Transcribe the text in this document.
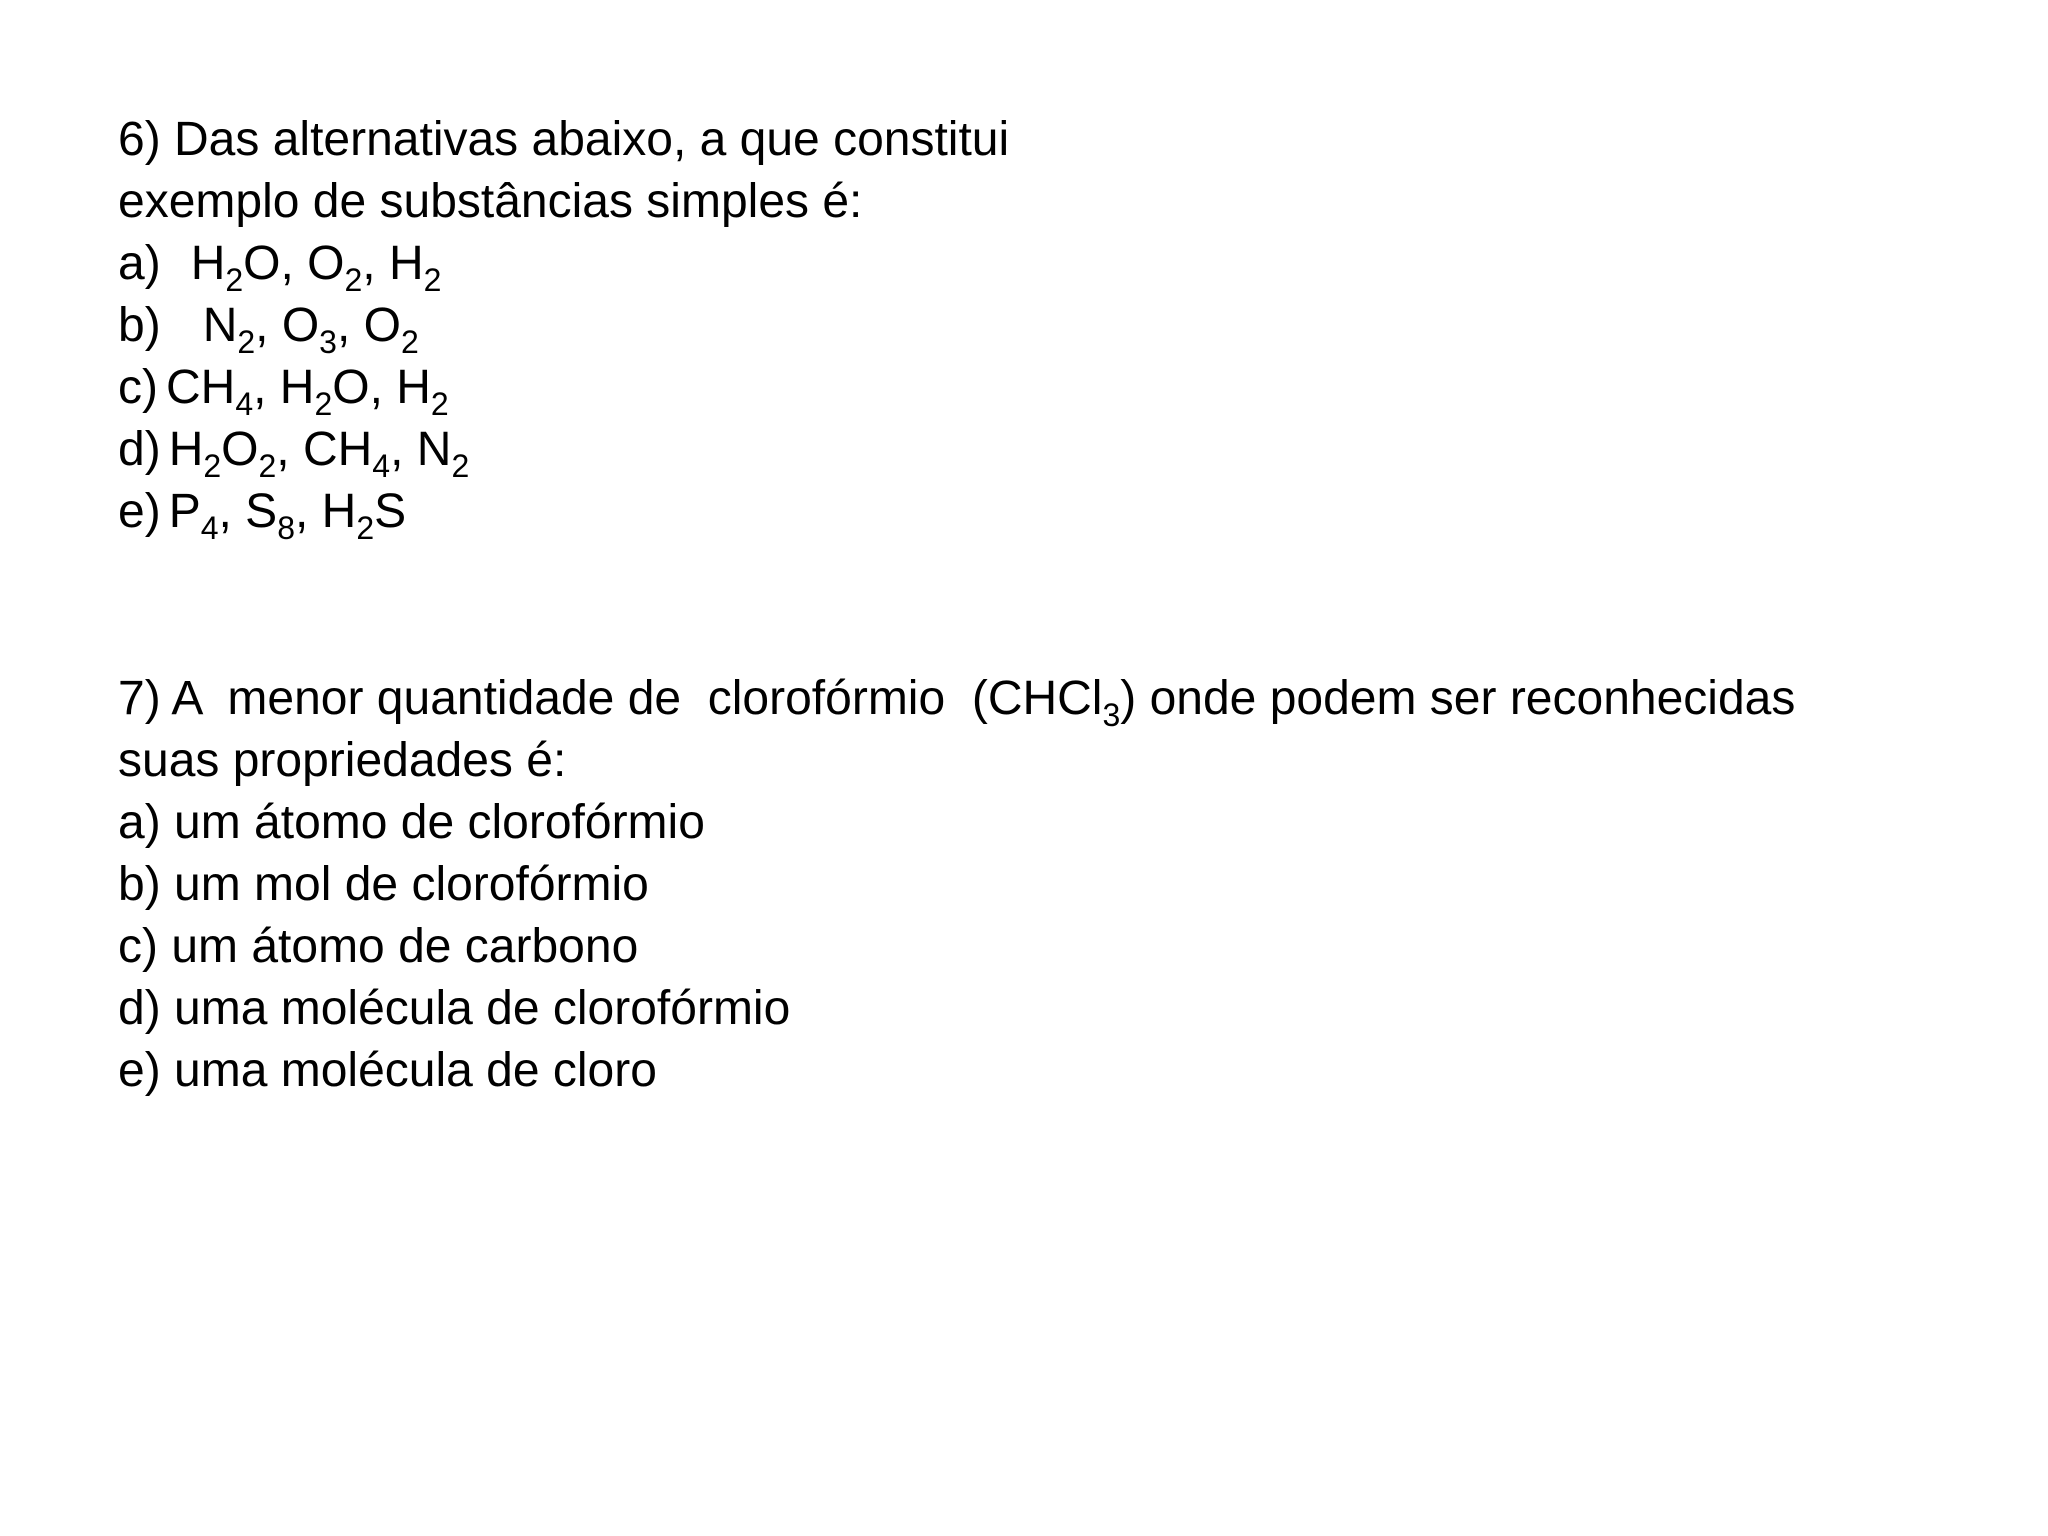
6) Das alternativas abaixo, a que constitui
exemplo de substâncias simples é:
a) $H_2O$, $O_2$, $H_2$
b) $N_2$, $O_3$, $O_2$
c) $CH_4$, $H_2O$, $H_2$
d) $H_2O_2$, $CH_4$, $N_2$
e) $P_4$, $S_8$, $H_2S$
7) A  menor quantidade de  clorofórmio  (CHCl$_3$) onde podem ser reconhecidas
suas propriedades é:
a) um átomo de clorofórmio
b) um mol de clorofórmio
c) um átomo de carbono
d) uma molécula de clorofórmio
e) uma molécula de cloro
